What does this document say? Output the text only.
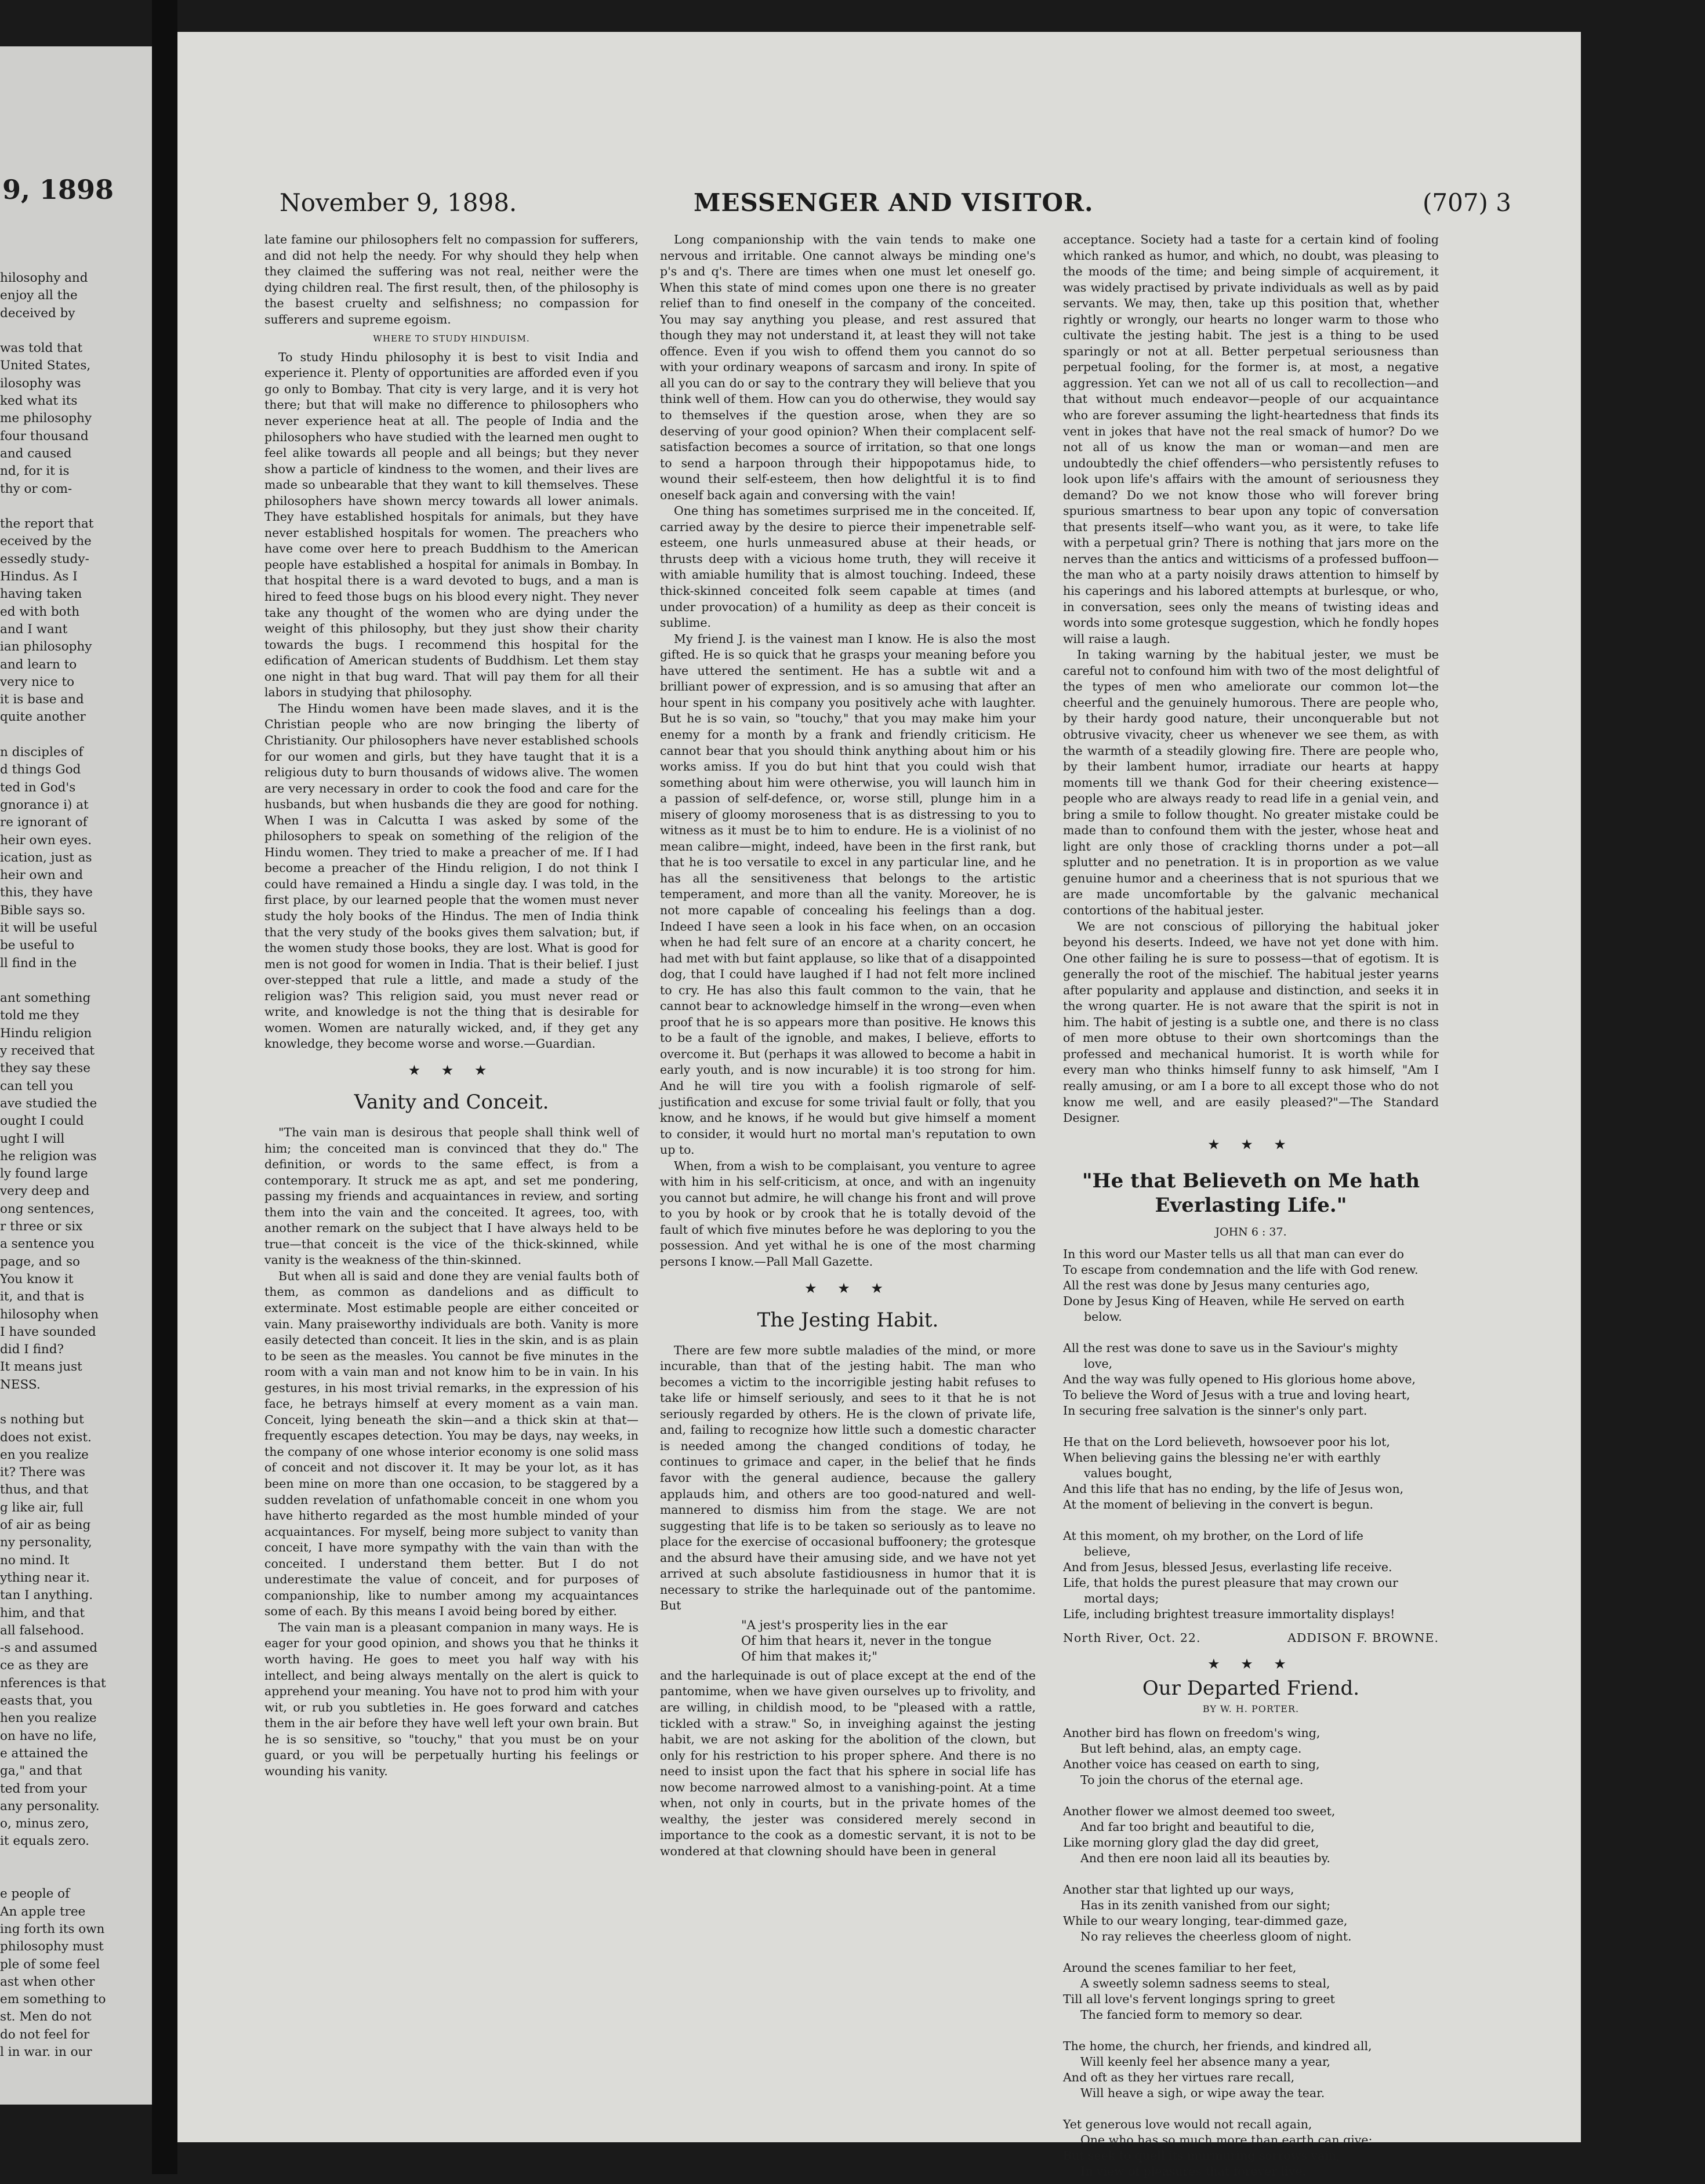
9, 1898
hilosophy and
enjoy all the
deceived by
was told that
United States,
ilosophy was
ked what its
me philosophy
four thousand
and caused
nd, for it is
thy or com-
the report that
eceived by the
essedly study-
Hindus. As I
having taken
ed with both
and I want
ian philosophy
and learn to
very nice to
it is base and
quite another
n disciples of
d things God
ted in God's
gnorance i) at
re ignorant of
heir own eyes.
ication, just as
heir own and
this, they have
Bible says so.
it will be useful
be useful to
ll find in the
ant something
told me they
Hindu religion
y received that
they say these
can tell you
ave studied the
ought I could
ught I will
he religion was
ly found large
very deep and
ong sentences,
r three or six
a sentence you
page, and so
You know it
it, and that is
hilosophy when
I have sounded
did I find?
It means just
NESS.
s nothing but
does not exist.
en you realize
it? There was
thus, and that
g like air, full
of air as being
ny personality,
no mind. It
ything near it.
tan I anything.
him, and that
all falsehood.
-s and assumed
ce as they are
nferences is that
easts that, you
hen you realize
on have no life,
e attained the
ga," and that
ted from your
any personality.
o, minus zero,
it equals zero.
e people of
An apple tree
ing forth its own
philosophy must
ple of some feel
ast when other
em something to
st. Men do not
do not feel for
l in war. in our
November 9, 1898.	MESSENGER AND VISITOR.	(707) 3

late famine our philosophers felt no compassion for sufferers, and did not help the needy. For why should they help when they claimed the suffering was not real, neither were the dying children real. The first result, then, of the philosophy is the basest cruelty and selfishness; no compassion for sufferers and supreme egoism.

WHERE TO STUDY HINDUISM.

To study Hindu philosophy it is best to visit India and experience it. Plenty of opportunities are afforded even if you go only to Bombay. That city is very large, and it is very hot there; but that will make no difference to philosophers who never experience heat at all. The people of India and the philosophers who have studied with the learned men ought to feel alike towards all people and all beings; but they never show a particle of kindness to the women, and their lives are made so unbearable that they want to kill themselves. These philosophers have shown mercy towards all lower animals. They have established hospitals for animals, but they have never established hospitals for women. The preachers who have come over here to preach Buddhism to the American people have established a hospital for animals in Bombay. In that hospital there is a ward devoted to bugs, and a man is hired to feed those bugs on his blood every night. They never take any thought of the women who are dying under the weight of this philosophy, but they just show their charity towards the bugs. I recommend this hospital for the edification of American students of Buddhism. Let them stay one night in that bug ward. That will pay them for all their labors in studying that philosophy.

The Hindu women have been made slaves, and it is the Christian people who are now bringing the liberty of Christianity. Our philosophers have never established schools for our women and girls, but they have taught that it is a religious duty to burn thousands of widows alive. The women are very necessary in order to cook the food and care for the husbands, but when husbands die they are good for nothing. When I was in Calcutta I was asked by some of the philosophers to speak on something of the religion of the Hindu women. They tried to make a preacher of me. If I had become a preacher of the Hindu religion, I do not think I could have remained a Hindu a single day. I was told, in the first place, by our learned people that the women must never study the holy books of the Hindus. The men of India think that the very study of the books gives them salvation; but, if the women study those books, they are lost. What is good for men is not good for women in India. That is their belief. I just over-stepped that rule a little, and made a study of the religion was? This religion said, you must never read or write, and knowledge is not the thing that is desirable for women. Women are naturally wicked, and, if they get any knowledge, they become worse and worse.—Guardian.

★ ★ ★
Vanity and Conceit.

"The vain man is desirous that people shall think well of him; the conceited man is convinced that they do." The definition, or words to the same effect, is from a contemporary. It struck me as apt, and set me pondering, passing my friends and acquaintances in review, and sorting them into the vain and the conceited. It agrees, too, with another remark on the subject that I have always held to be true—that conceit is the vice of the thick-skinned, while vanity is the weakness of the thin-skinned.

But when all is said and done they are venial faults both of them, as common as dandelions and as difficult to exterminate. Most estimable people are either conceited or vain. Many praiseworthy individuals are both. Vanity is more easily detected than conceit. It lies in the skin, and is as plain to be seen as the measles. You cannot be five minutes in the room with a vain man and not know him to be in vain. In his gestures, in his most trivial remarks, in the expression of his face, he betrays himself at every moment as a vain man. Conceit, lying beneath the skin—and a thick skin at that—frequently escapes detection. You may be days, nay weeks, in the company of one whose interior economy is one solid mass of conceit and not discover it. It may be your lot, as it has been mine on more than one occasion, to be staggered by a sudden revelation of unfathomable conceit in one whom you have hitherto regarded as the most humble minded of your acquaintances. For myself, being more subject to vanity than conceit, I have more sympathy with the vain than with the conceited. I understand them better. But I do not underestimate the value of conceit, and for purposes of companionship, like to number among my acquaintances some of each. By this means I avoid being bored by either.

The vain man is a pleasant companion in many ways. He is eager for your good opinion, and shows you that he thinks it worth having. He goes to meet you half way with his intellect, and being always mentally on the alert is quick to apprehend your meaning. You have not to prod him with your wit, or rub you subtleties in. He goes forward and catches them in the air before they have well left your own brain. But he is so sensitive, so "touchy," that you must be on your guard, or you will be perpetually hurting his feelings or wounding his vanity.

Long companionship with the vain tends to make one nervous and irritable. One cannot always be minding one's p's and q's. There are times when one must let oneself go. When this state of mind comes upon one there is no greater relief than to find oneself in the company of the conceited. You may say anything you please, and rest assured that though they may not understand it, at least they will not take offence. Even if you wish to offend them you cannot do so with your ordinary weapons of sarcasm and irony. In spite of all you can do or say to the contrary they will believe that you think well of them. How can you do otherwise, they would say to themselves if the question arose, when they are so deserving of your good opinion? When their complacent self-satisfaction becomes a source of irritation, so that one longs to send a harpoon through their hippopotamus hide, to wound their self-esteem, then how delightful it is to find oneself back again and conversing with the vain!

One thing has sometimes surprised me in the conceited. If, carried away by the desire to pierce their impenetrable self-esteem, one hurls unmeasured abuse at their heads, or thrusts deep with a vicious home truth, they will receive it with amiable humility that is almost touching. Indeed, these thick-skinned conceited folk seem capable at times (and under provocation) of a humility as deep as their conceit is sublime.

My friend J. is the vainest man I know. He is also the most gifted. He is so quick that he grasps your meaning before you have uttered the sentiment. He has a subtle wit and a brilliant power of expression, and is so amusing that after an hour spent in his company you positively ache with laughter. But he is so vain, so "touchy," that you may make him your enemy for a month by a frank and friendly criticism. He cannot bear that you should think anything about him or his works amiss. If you do but hint that you could wish that something about him were otherwise, you will launch him in a passion of self-defence, or, worse still, plunge him in a misery of gloomy moroseness that is as distressing to you to witness as it must be to him to endure. He is a violinist of no mean calibre—might, indeed, have been in the first rank, but that he is too versatile to excel in any particular line, and he has all the sensitiveness that belongs to the artistic temperament, and more than all the vanity. Moreover, he is not more capable of concealing his feelings than a dog. Indeed I have seen a look in his face when, on an occasion when he had felt sure of an encore at a charity concert, he had met with but faint applause, so like that of a disappointed dog, that I could have laughed if I had not felt more inclined to cry. He has also this fault common to the vain, that he cannot bear to acknowledge himself in the wrong—even when proof that he is so appears more than positive. He knows this to be a fault of the ignoble, and makes, I believe, efforts to overcome it. But (perhaps it was allowed to become a habit in early youth, and is now incurable) it is too strong for him. And he will tire you with a foolish rigmarole of self-justification and excuse for some trivial fault or folly, that you know, and he knows, if he would but give himself a moment to consider, it would hurt no mortal man's reputation to own up to.

When, from a wish to be complaisant, you venture to agree with him in his self-criticism, at once, and with an ingenuity you cannot but admire, he will change his front and will prove to you by hook or by crook that he is totally devoid of the fault of which five minutes before he was deploring to you the possession. And yet withal he is one of the most charming persons I know.—Pall Mall Gazette.

★ ★ ★
The Jesting Habit.

There are few more subtle maladies of the mind, or more incurable, than that of the jesting habit. The man who becomes a victim to the incorrigible jesting habit refuses to take life or himself seriously, and sees to it that he is not seriously regarded by others. He is the clown of private life, and, failing to recognize how little such a domestic character is needed among the changed conditions of today, he continues to grimace and caper, in the belief that he finds favor with the general audience, because the gallery applauds him, and others are too good-natured and well-mannered to dismiss him from the stage. We are not suggesting that life is to be taken so seriously as to leave no place for the exercise of occasional buffoonery; the grotesque and the absurd have their amusing side, and we have not yet arrived at such absolute fastidiousness in humor that it is necessary to strike the harlequinade out of the pantomime. But

"A jest's prosperity lies in the ear
Of him that hears it, never in the tongue
Of him that makes it;"

and the harlequinade is out of place except at the end of the pantomime, when we have given ourselves up to frivolity, and are willing, in childish mood, to be "pleased with a rattle, tickled with a straw." So, in inveighing against the jesting habit, we are not asking for the abolition of the clown, but only for his restriction to his proper sphere. And there is no need to insist upon the fact that his sphere in social life has now become narrowed almost to a vanishing-point. At a time when, not only in courts, but in the private homes of the wealthy, the jester was considered merely second in importance to the cook as a domestic servant, it is not to be wondered at that clowning should have been in general

acceptance. Society had a taste for a certain kind of fooling which ranked as humor, and which, no doubt, was pleasing to the moods of the time; and being simple of acquirement, it was widely practised by private individuals as well as by paid servants. We may, then, take up this position that, whether rightly or wrongly, our hearts no longer warm to those who cultivate the jesting habit. The jest is a thing to be used sparingly or not at all. Better perpetual seriousness than perpetual fooling, for the former is, at most, a negative aggression. Yet can we not all of us call to recollection—and that without much endeavor—people of our acquaintance who are forever assuming the light-heartedness that finds its vent in jokes that have not the real smack of humor? Do we not all of us know the man or woman—and men are undoubtedly the chief offenders—who persistently refuses to look upon life's affairs with the amount of seriousness they demand? Do we not know those who will forever bring spurious smartness to bear upon any topic of conversation that presents itself—who want you, as it were, to take life with a perpetual grin? There is nothing that jars more on the nerves than the antics and witticisms of a professed buffoon—the man who at a party noisily draws attention to himself by his caperings and his labored attempts at burlesque, or who, in conversation, sees only the means of twisting ideas and words into some grotesque suggestion, which he fondly hopes will raise a laugh.

In taking warning by the habitual jester, we must be careful not to confound him with two of the most delightful of the types of men who ameliorate our common lot—the cheerful and the genuinely humorous. There are people who, by their hardy good nature, their unconquerable but not obtrusive vivacity, cheer us whenever we see them, as with the warmth of a steadily glowing fire. There are people who, by their lambent humor, irradiate our hearts at happy moments till we thank God for their cheering existence—people who are always ready to read life in a genial vein, and bring a smile to follow thought. No greater mistake could be made than to confound them with the jester, whose heat and light are only those of crackling thorns under a pot—all splutter and no penetration. It is in proportion as we value genuine humor and a cheeriness that is not spurious that we are made uncomfortable by the galvanic mechanical contortions of the habitual jester.

We are not conscious of pillorying the habitual joker beyond his deserts. Indeed, we have not yet done with him. One other failing he is sure to possess—that of egotism. It is generally the root of the mischief. The habitual jester yearns after popularity and applause and distinction, and seeks it in the wrong quarter. He is not aware that the spirit is not in him. The habit of jesting is a subtle one, and there is no class of men more obtuse to their own shortcomings than the professed and mechanical humorist. It is worth while for every man who thinks himself funny to ask himself, "Am I really amusing, or am I a bore to all except those who do not know me well, and are easily pleased?"—The Standard Designer.

★ ★ ★
"He that Believeth on Me hath Everlasting Life."
JOHN 6 : 37.
In this word our Master tells us all that man can ever do
To escape from condemnation and the life with God renew.
All the rest was done by Jesus many centuries ago,
Done by Jesus King of Heaven, while He served on earth
below.
All the rest was done to save us in the Saviour's mighty
love,
And the way was fully opened to His glorious home above,
To believe the Word of Jesus with a true and loving heart,
In securing free salvation is the sinner's only part.
He that on the Lord believeth, howsoever poor his lot,
When believing gains the blessing ne'er with earthly
values bought,
And this life that has no ending, by the life of Jesus won,
At the moment of believing in the convert is begun.
At this moment, oh my brother, on the Lord of life
believe,
And from Jesus, blessed Jesus, everlasting life receive.
Life, that holds the purest pleasure that may crown our
mortal days;
Life, including brightest treasure immortality displays!
ADDISON F. BROWNE.
North River, Oct. 22.
★ ★ ★
Our Departed Friend.
BY W. H. PORTER.
Another bird has flown on freedom's wing,
But left behind, alas, an empty cage.
Another voice has ceased on earth to sing,
To join the chorus of the eternal age.
Another flower we almost deemed too sweet,
And far too bright and beautiful to die,
Like morning glory glad the day did greet,
And then ere noon laid all its beauties by.
Another star that lighted up our ways,
Has in its zenith vanished from our sight;
While to our weary longing, tear-dimmed gaze,
No ray relieves the cheerless gloom of night.
Around the scenes familiar to her feet,
A sweetly solemn sadness seems to steal,
Till all love's fervent longings spring to greet
The fancied form to memory so dear.
The home, the church, her friends, and kindred all,
Will keenly feel her absence many a year,
And oft as they her virtues rare recall,
Will heave a sigh, or wipe away the tear.
Yet generous love would not recall again,
One who has so much more than earth can give;
But seek to quell its murmuring sorrows vain,
In view of pleasures that forever live.
